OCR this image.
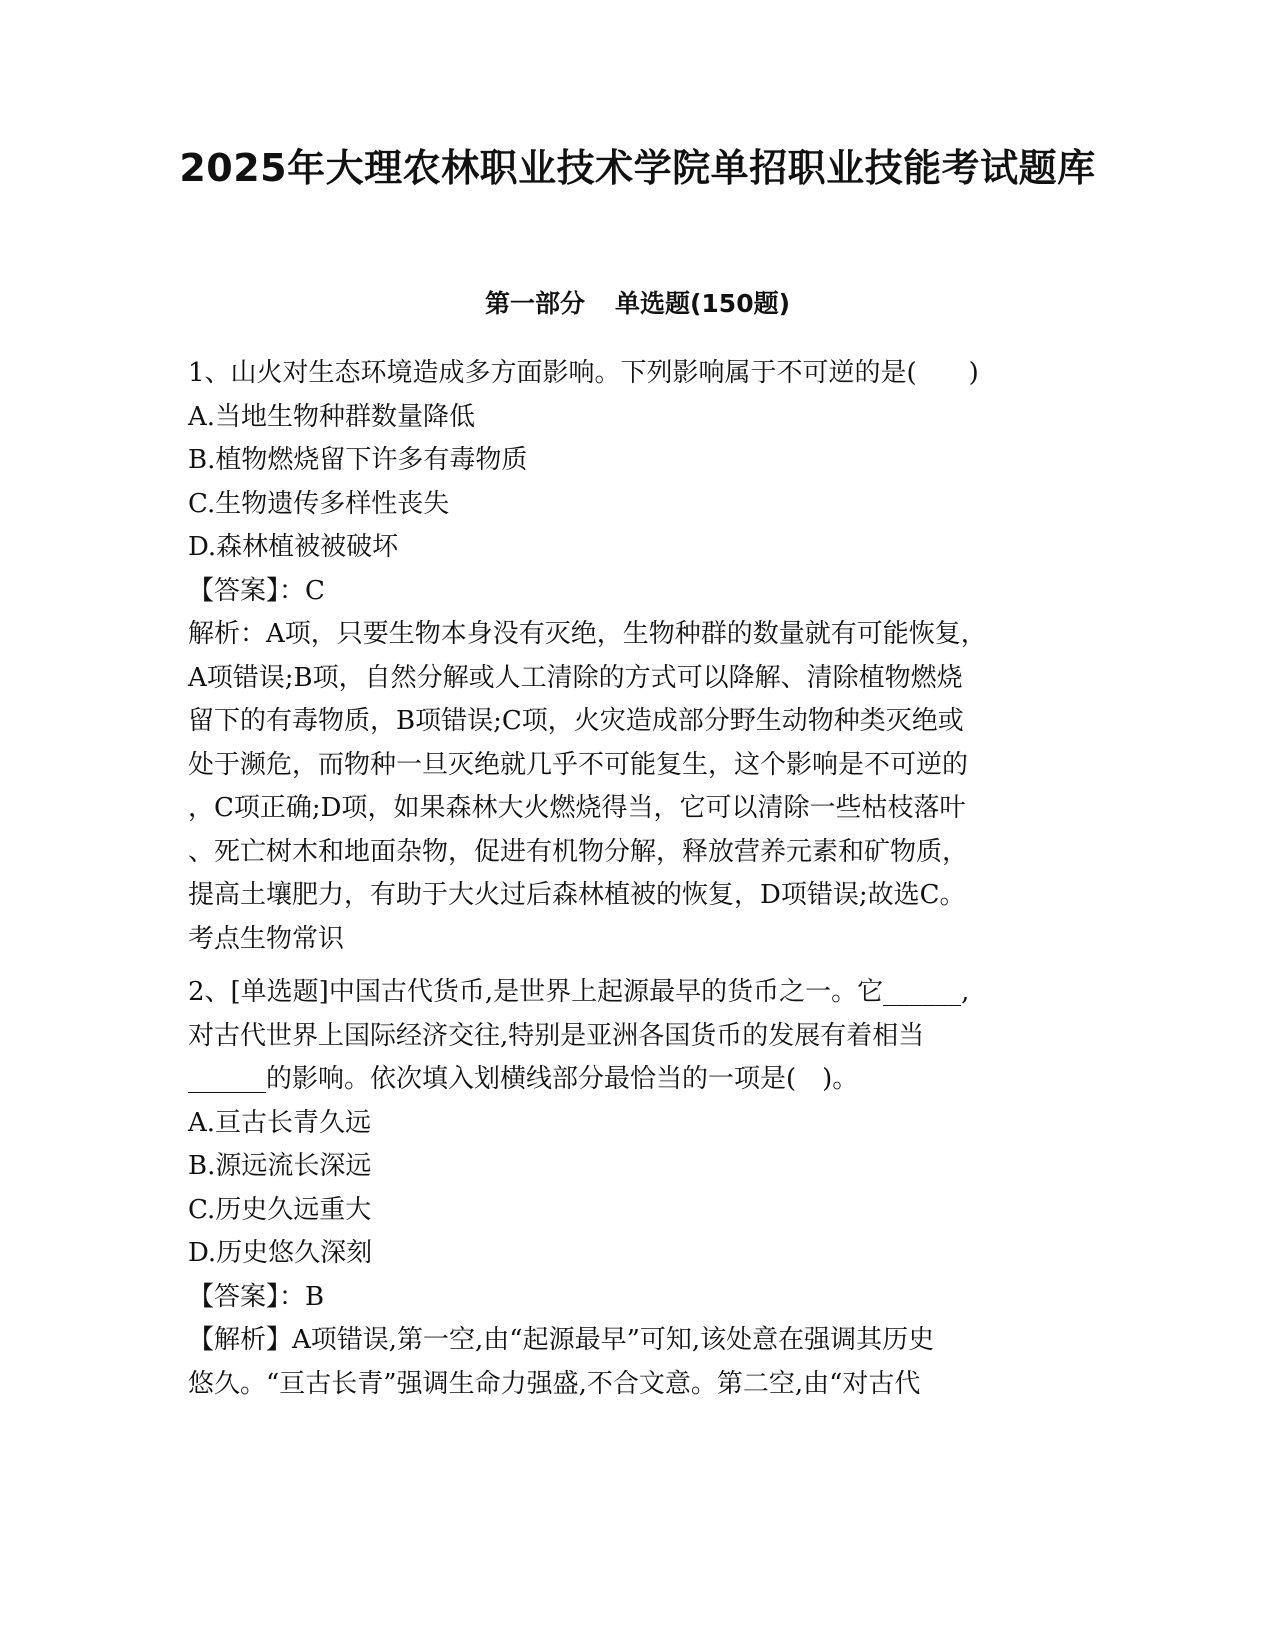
2025年大理农林职业技术学院单招职业技能考试题库
第一部分 单选题(150题)
1、山火对生态环境造成多方面影响。下列影响属于不可逆的是(　　)
A.当地生物种群数量降低
B.植物燃烧留下许多有毒物质
C.生物遗传多样性丧失
D.森林植被被破坏
【答案】：C
解析：A项，只要生物本身没有灭绝，生物种群的数量就有可能恢复，
A项错误;B项，自然分解或人工清除的方式可以降解、清除植物燃烧
留下的有毒物质，B项错误;C项，火灾造成部分野生动物种类灭绝或
处于濒危，而物种一旦灭绝就几乎不可能复生，这个影响是不可逆的
，C项正确;D项，如果森林大火燃烧得当，它可以清除一些枯枝落叶
、死亡树木和地面杂物，促进有机物分解，释放营养元素和矿物质，
提高土壤肥力，有助于大火过后森林植被的恢复，D项错误;故选C。
考点生物常识
2、[单选题]中国古代货币,是世界上起源最早的货币之一。它______,
对古代世界上国际经济交往,特别是亚洲各国货币的发展有着相当
______的影响。依次填入划横线部分最恰当的一项是(　)。
A.亘古长青久远
B.源远流长深远
C.历史久远重大
D.历史悠久深刻
【答案】：B
【解析】A项错误,第一空,由“起源最早”可知,该处意在强调其历史
悠久。“亘古长青”强调生命力强盛,不合文意。第二空,由“对古代
